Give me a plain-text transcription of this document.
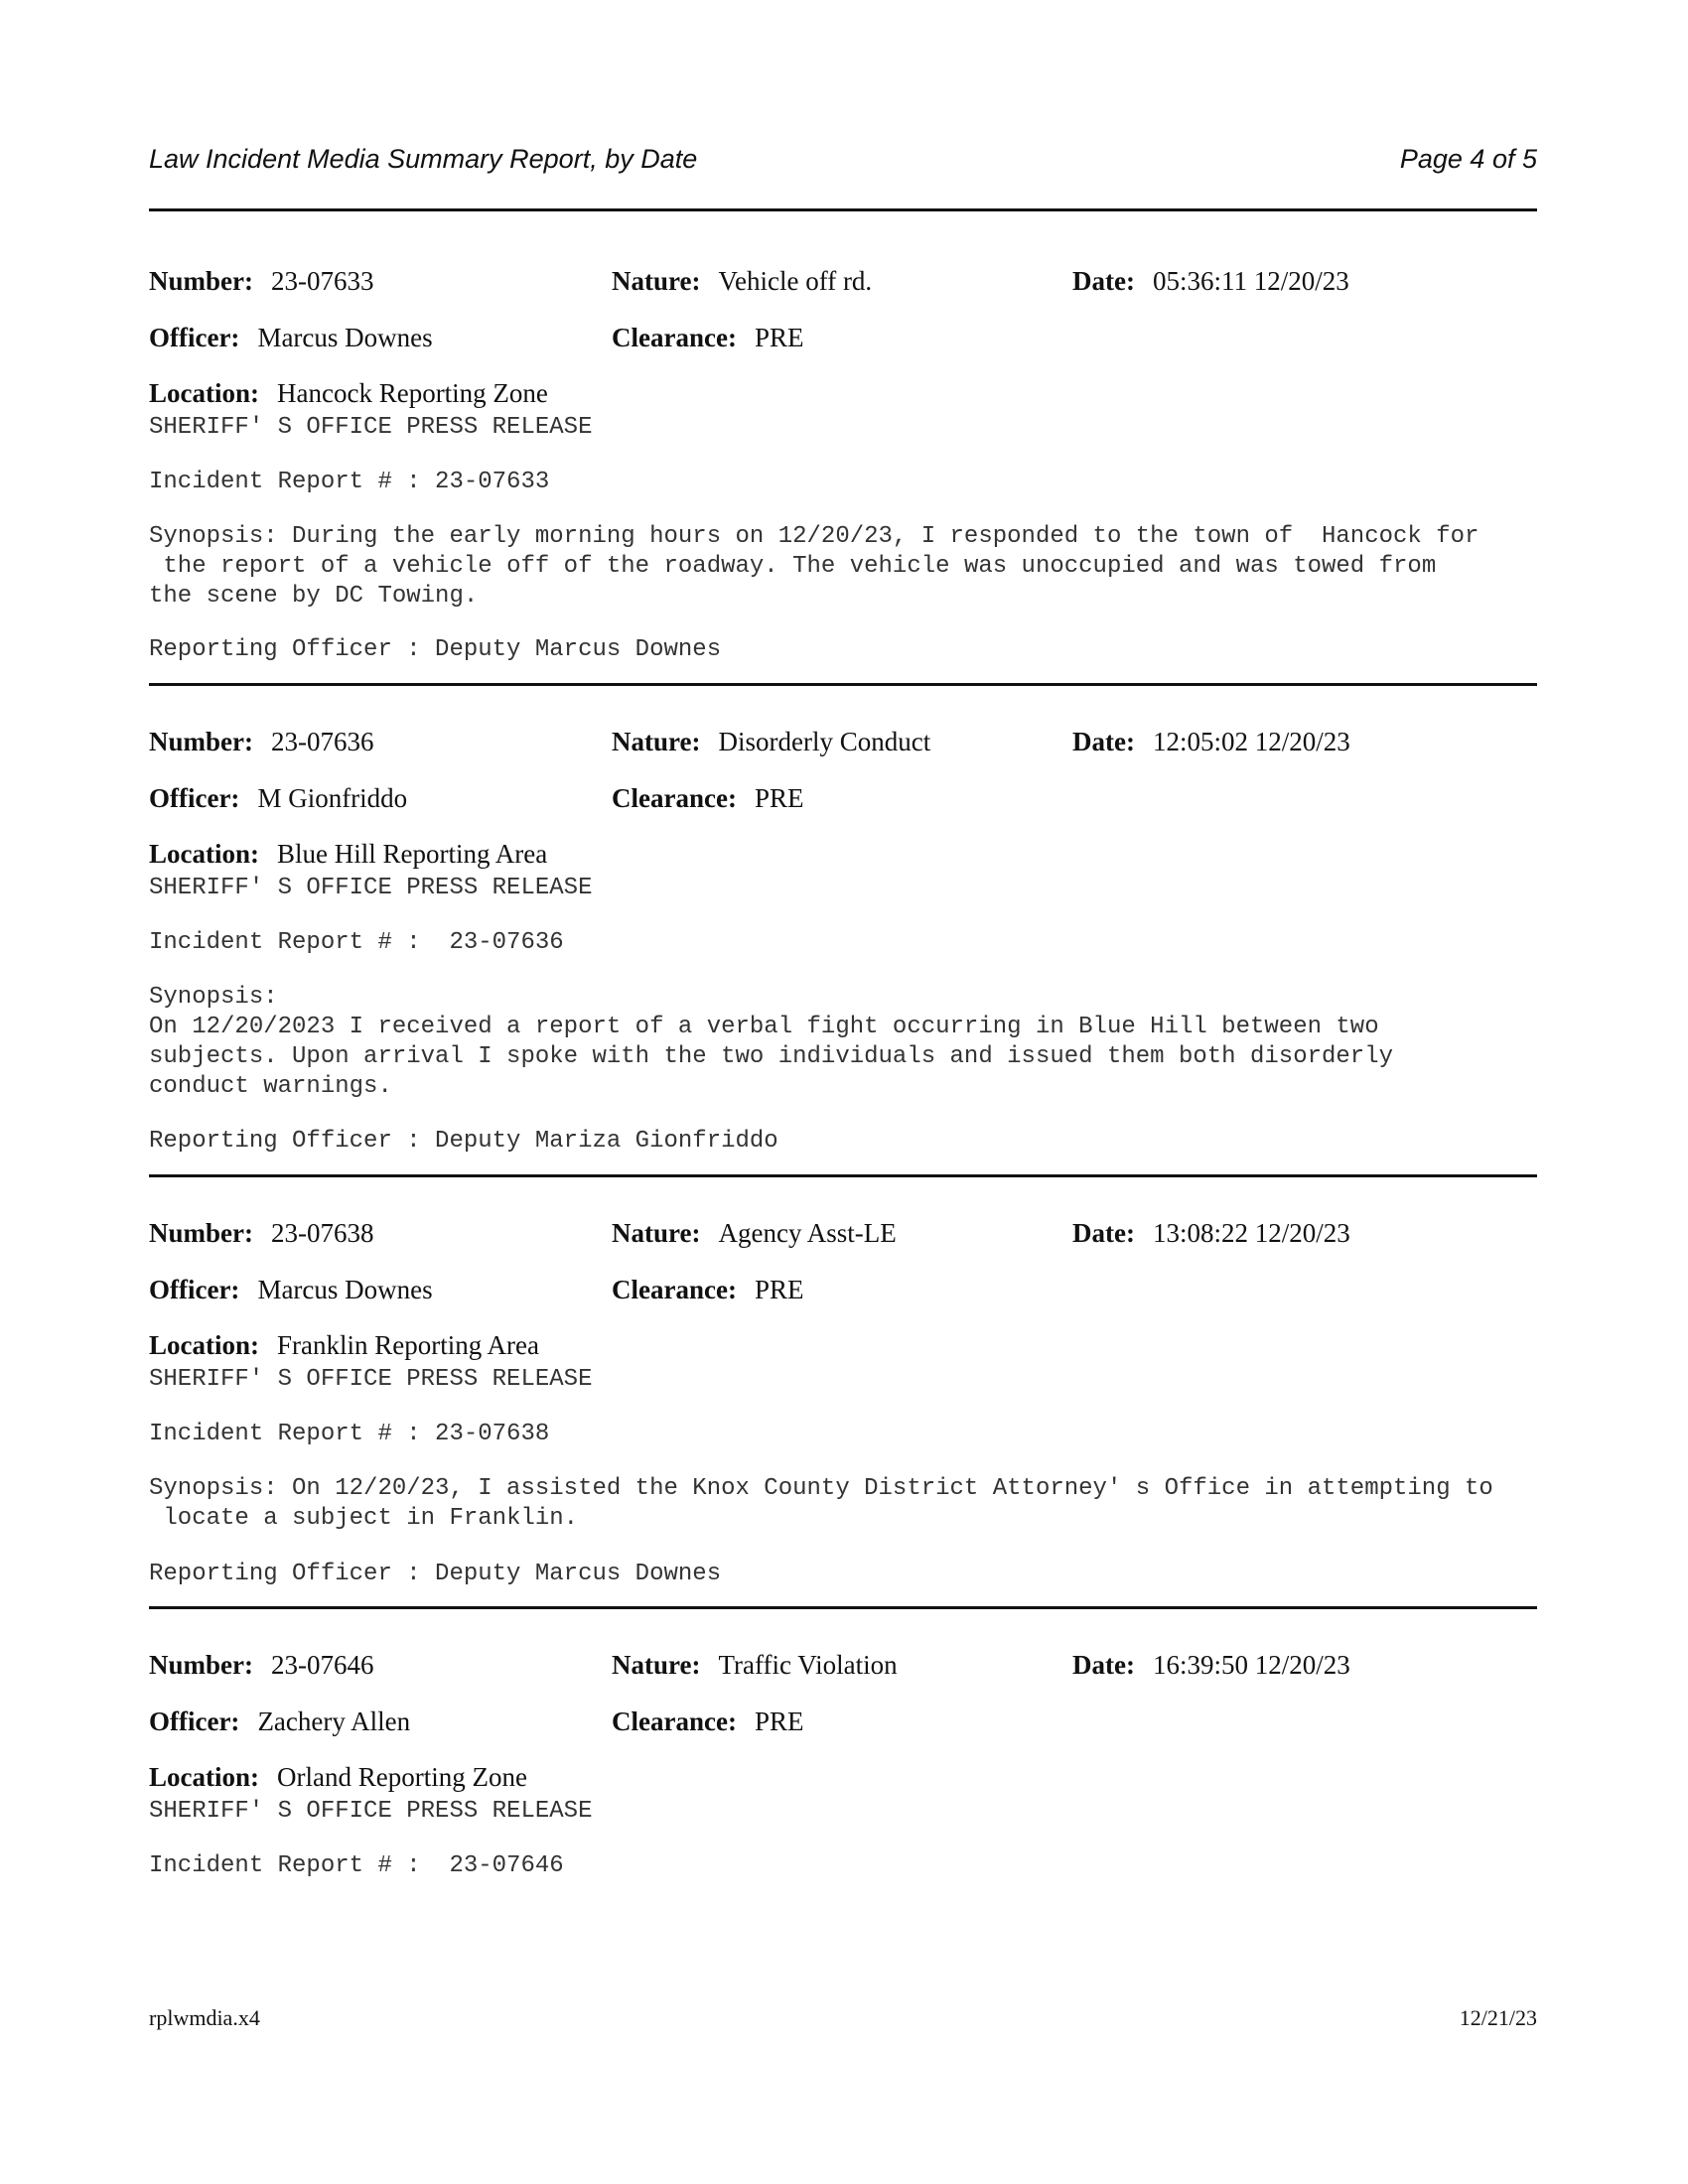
Law Incident Media Summary Report, by Date	Page 4 of 5
Number: 23-07633	Nature: Vehicle off rd.	Date: 05:36:11 12/20/23
Officer: Marcus Downes	Clearance: PRE
Location: Hancock Reporting Zone
SHERIFF' S OFFICE PRESS RELEASE
Incident Report # : 23-07633
Synopsis: During the early morning hours on 12/20/23, I responded to the town of  Hancock for
the report of a vehicle off of the roadway. The vehicle was unoccupied and was towed from
the scene by DC Towing.
Reporting Officer : Deputy Marcus Downes
Number: 23-07636	Nature: Disorderly Conduct	Date: 12:05:02 12/20/23
Officer: M Gionfriddo	Clearance: PRE
Location: Blue Hill Reporting Area
SHERIFF' S OFFICE PRESS RELEASE
Incident Report # :  23-07636
Synopsis:
On 12/20/2023 I received a report of a verbal fight occurring in Blue Hill between two
subjects. Upon arrival I spoke with the two individuals and issued them both disorderly
conduct warnings.
Reporting Officer : Deputy Mariza Gionfriddo
Number: 23-07638	Nature: Agency Asst-LE	Date: 13:08:22 12/20/23
Officer: Marcus Downes	Clearance: PRE
Location: Franklin Reporting Area
SHERIFF' S OFFICE PRESS RELEASE
Incident Report # : 23-07638
Synopsis: On 12/20/23, I assisted the Knox County District Attorney' s Office in attempting to
locate a subject in Franklin.
Reporting Officer : Deputy Marcus Downes
Number: 23-07646	Nature: Traffic Violation	Date: 16:39:50 12/20/23
Officer: Zachery Allen	Clearance: PRE
Location: Orland Reporting Zone
SHERIFF' S OFFICE PRESS RELEASE
Incident Report # :  23-07646
rplwmdia.x4	12/21/23
